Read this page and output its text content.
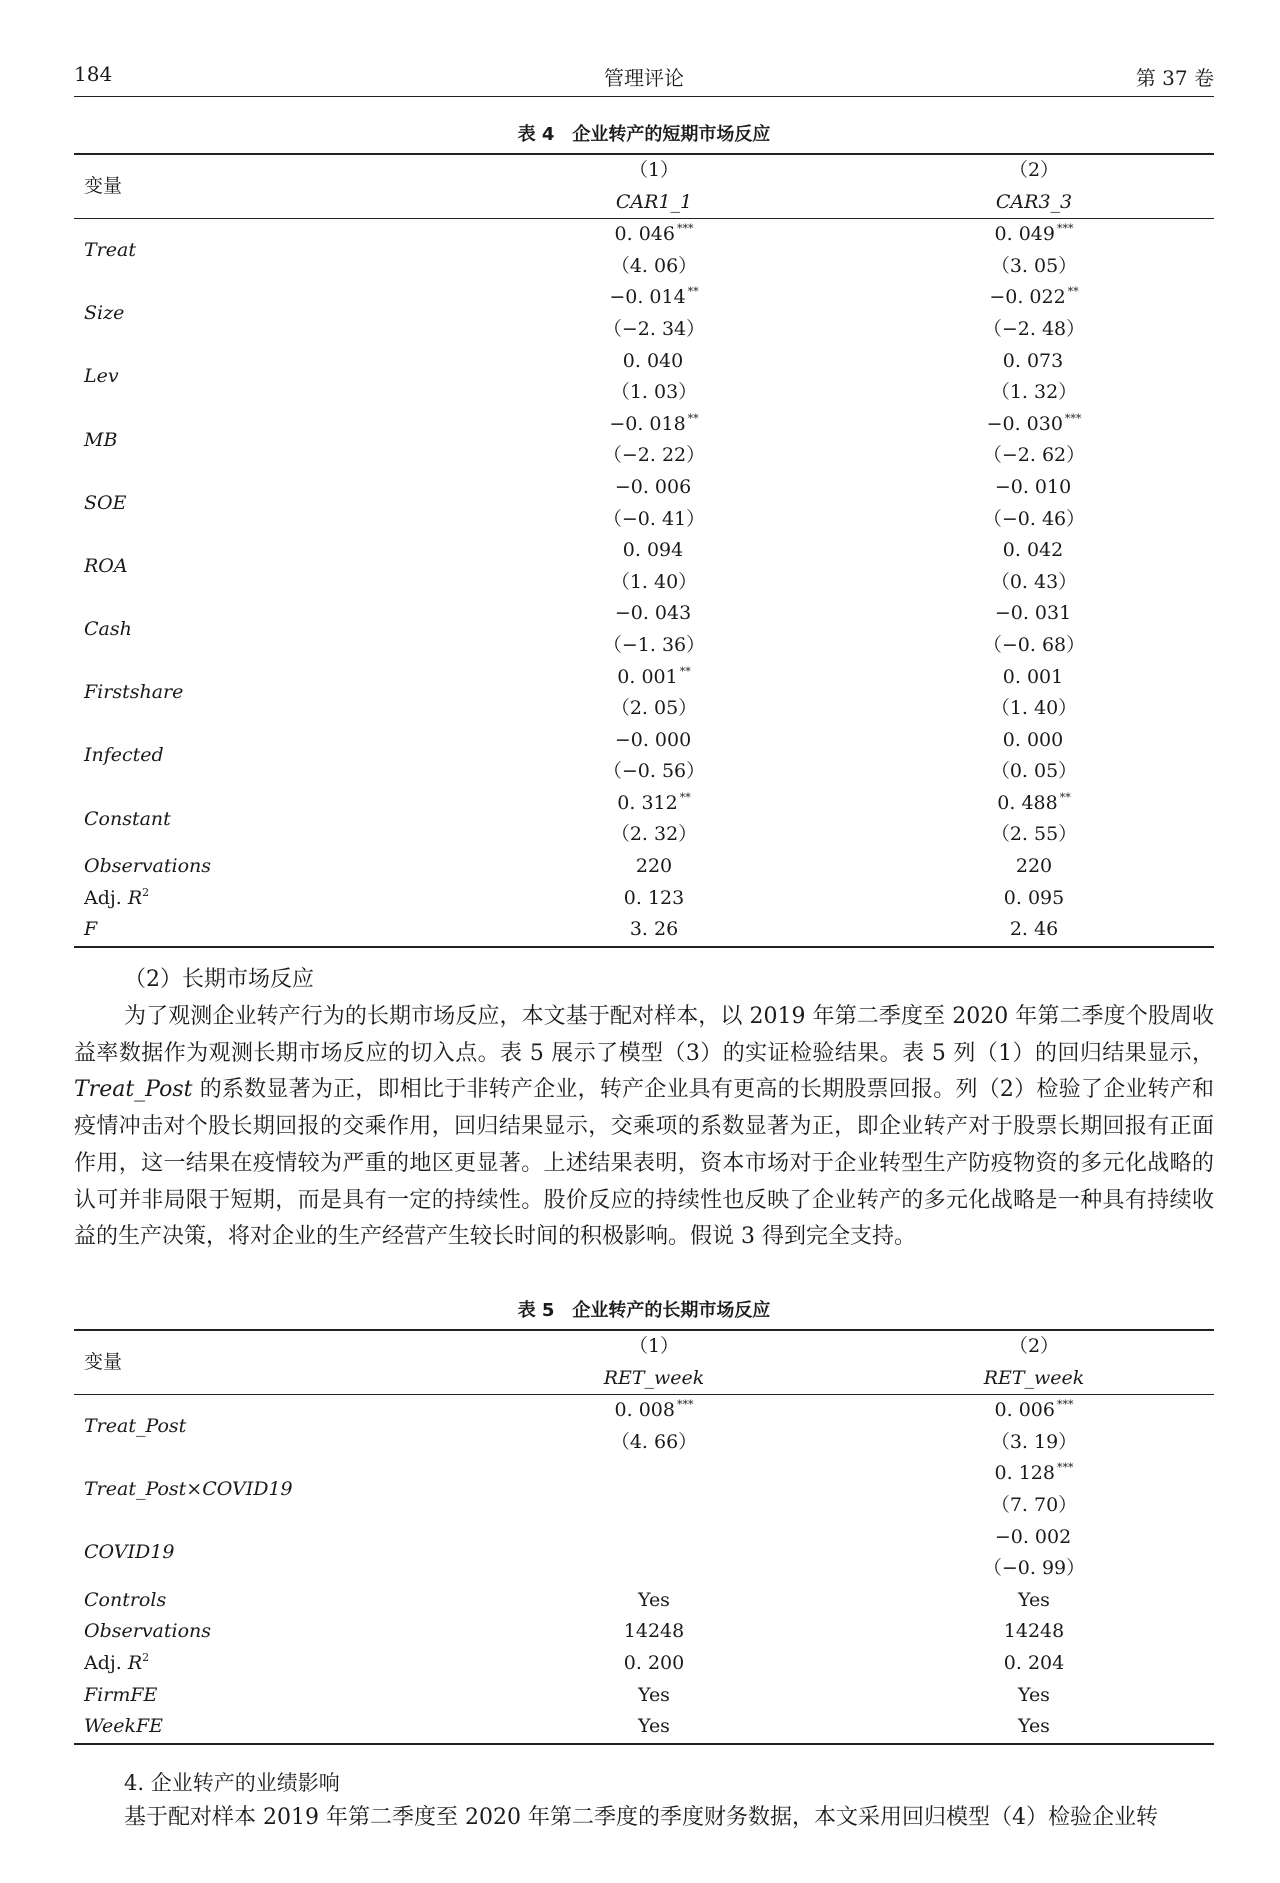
184	管理评论	第 37 卷
表 4　企业转产的短期市场反应
变量	（1）	（2）
	CAR1_1	CAR3_3
Treat	0. 046 ***	0. 049 ***
	（4. 06）	（3. 05）
Size	−0. 014 **	−0. 022 **
	（−2. 34）	（−2. 48）
Lev	0. 040	0. 073
	（1. 03）	（1. 32）
MB	−0. 018 **	−0. 030 ***
	（−2. 22）	（−2. 62）
SOE	−0. 006	−0. 010
	（−0. 41）	（−0. 46）
ROA	0. 094	0. 042
	（1. 40）	（0. 43）
Cash	−0. 043	−0. 031
	（−1. 36）	（−0. 68）
Firstshare	0. 001 **	0. 001
	（2. 05）	（1. 40）
Infected	−0. 000	0. 000
	（−0. 56）	（0. 05）
Constant	0. 312 **	0. 488 **
	（2. 32）	（2. 55）
Observations	220	220
Adj. $R^2$	0. 123	0. 095
F	3. 26	2. 46
（2）长期市场反应

为了观测企业转产行为的长期市场反应，本文基于配对样本，以 2019 年第二季度至 2020 年第二季度个股周收益率数据作为观测长期市场反应的切入点。表 5 展示了模型（3）的实证检验结果。表 5 列（1）的回归结果显示，Treat_Post 的系数显著为正，即相比于非转产企业，转产企业具有更高的长期股票回报。列（2）检验了企业转产和疫情冲击对个股长期回报的交乘作用，回归结果显示，交乘项的系数显著为正，即企业转产对于股票长期回报有正面作用，这一结果在疫情较为严重的地区更显著。上述结果表明，资本市场对于企业转型生产防疫物资的多元化战略的认可并非局限于短期，而是具有一定的持续性。股价反应的持续性也反映了企业转产的多元化战略是一种具有持续收益的生产决策，将对企业的生产经营产生较长时间的积极影响。假说 3 得到完全支持。

表 5　企业转产的长期市场反应
变量	（1）	（2）
	RET_week	RET_week
Treat_Post	0. 008 ***	0. 006 ***
	（4. 66）	（3. 19）
Treat_Post×COVID19		0. 128 ***
		（7. 70）
COVID19		−0. 002
		（−0. 99）
Controls	Yes	Yes
Observations	14248	14248
Adj. $R^2$	0. 200	0. 204
FirmFE	Yes	Yes
WeekFE	Yes	Yes
4. 企业转产的业绩影响

基于配对样本 2019 年第二季度至 2020 年第二季度的季度财务数据，本文采用回归模型（4）检验企业转
